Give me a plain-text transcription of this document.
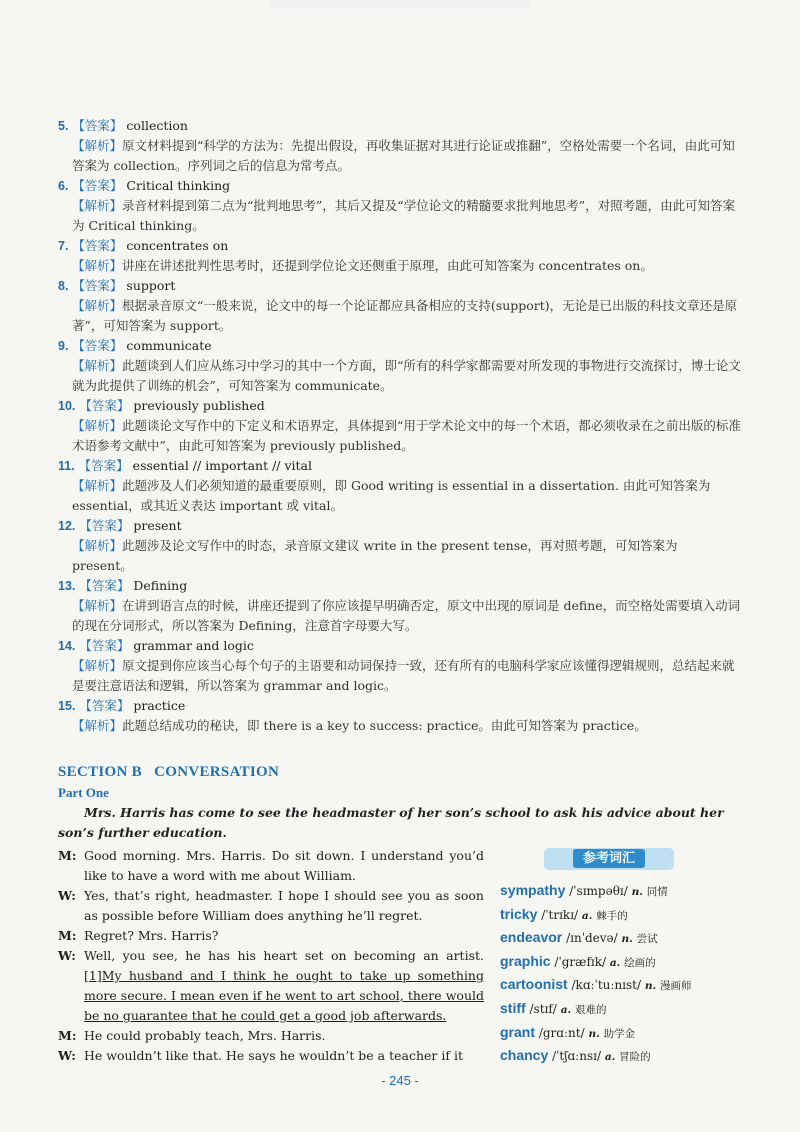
5. 【答案】 collection
【解析】原文材料提到“科学的方法为：先提出假设，再收集证据对其进行论证或推翻”，空格处需要一个名词，由此可知答案为 collection。序列词之后的信息为常考点。
6. 【答案】 Critical thinking
【解析】录音材料提到第二点为“批判地思考”，其后又提及“学位论文的精髓要求批判地思考”，对照考题，由此可知答案为 Critical thinking。
7. 【答案】 concentrates on
【解析】讲座在讲述批判性思考时，还提到学位论文还侧重于原理，由此可知答案为 concentrates on。
8. 【答案】 support
【解析】根据录音原文“一般来说，论文中的每一个论证都应具备相应的支持(support)，无论是已出版的科技文章还是原著”，可知答案为 support。
9. 【答案】 communicate
【解析】此题谈到人们应从练习中学习的其中一个方面，即“所有的科学家都需要对所发现的事物进行交流探讨，博士论文就为此提供了训练的机会”，可知答案为 communicate。
10. 【答案】 previously published
【解析】此题谈论文写作中的下定义和术语界定，具体提到“用于学术论文中的每一个术语，都必须收录在之前出版的标准术语参考文献中”，由此可知答案为 previously published。
11. 【答案】 essential // important // vital
【解析】此题涉及人们必须知道的最重要原则，即 Good writing is essential in a dissertation. 由此可知答案为 essential，或其近义表达 important 或 vital。
12. 【答案】 present
【解析】此题涉及论文写作中的时态，录音原文建议 write in the present tense，再对照考题，可知答案为 present。
13. 【答案】 Defining
【解析】在讲到语言点的时候，讲座还提到了你应该提早明确否定，原文中出现的原词是 define，而空格处需要填入动词的现在分词形式，所以答案为 Defining，注意首字母要大写。
14. 【答案】 grammar and logic
【解析】原文提到你应该当心每个句子的主语要和动词保持一致，还有所有的电脑科学家应该懂得逻辑规则，总结起来就是要注意语法和逻辑，所以答案为 grammar and logic。
15. 【答案】 practice
【解析】此题总结成功的秘诀，即 there is a key to success: practice。由此可知答案为 practice。
SECTION B   CONVERSATION
Part One
Mrs. Harris has come to see the headmaster of her son’s school to ask his advice about her son’s further education.
M: Good morning. Mrs. Harris. Do sit down. I understand you’d like to have a word with me about William.
W: Yes, that’s right, headmaster. I hope I should see you as soon as possible before William does anything he’ll regret.
M: Regret? Mrs. Harris?
W: Well, you see, he has his heart set on becoming an artist. [1]My husband and I think he ought to take up something more secure. I mean even if he went to art school, there would be no guarantee that he could get a good job afterwards.
M: He could probably teach, Mrs. Harris.
W: He wouldn’t like that. He says he wouldn’t be a teacher if it
参考词汇
sympathy /ˈsɪmpəθɪ/ n. 同情
tricky /ˈtrɪkɪ/ a. 棘手的
endeavor /ɪnˈdevə/ n. 尝试
graphic /ˈgræfɪk/ a. 绘画的
cartoonist /kɑːˈtuːnɪst/ n. 漫画师
stiff /stɪf/ a. 艰难的
grant /grɑːnt/ n. 助学金
chancy /ˈtʃɑːnsɪ/ a. 冒险的
- 245 -
